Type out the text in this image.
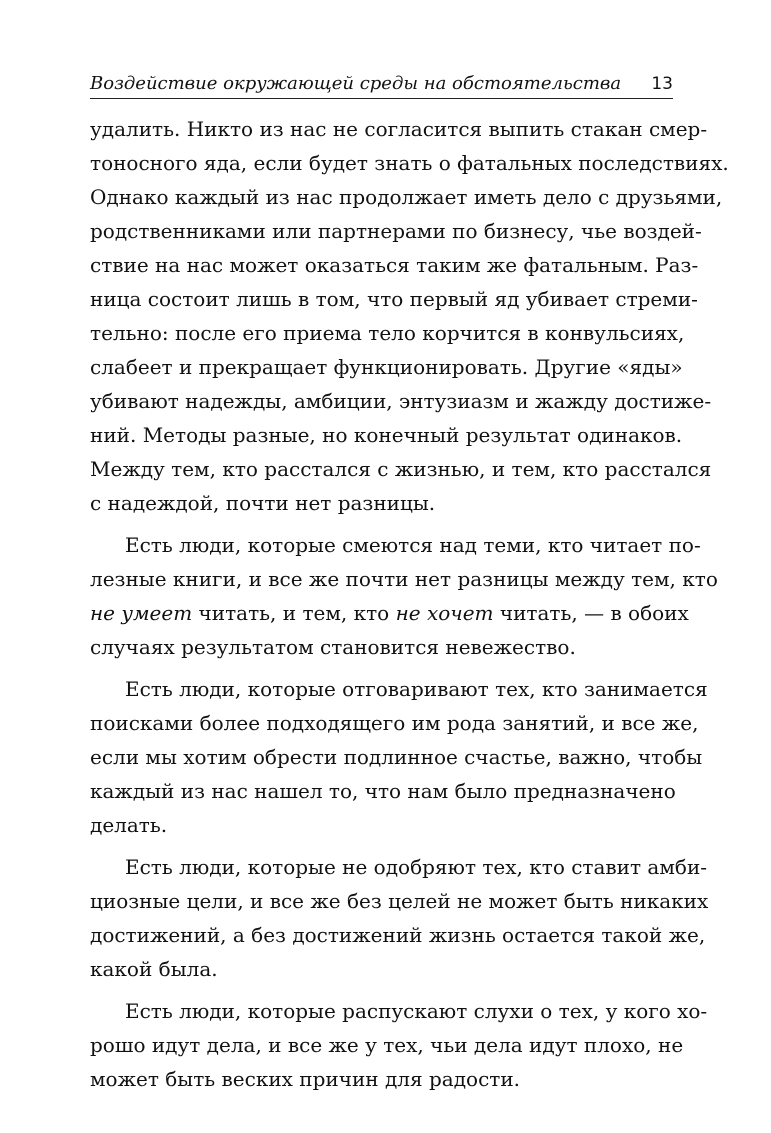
Воздействие окружающей среды на обстоятельства 13

удалить. Никто из нас не согласится выпить стакан смер-

тоносного яда, если будет знать о фатальных последствиях.

Однако каждый из нас продолжает иметь дело с друзьями,

родственниками или партнерами по бизнесу, чье воздей-

ствие на нас может оказаться таким же фатальным. Раз-

ница состоит лишь в том, что первый яд убивает стреми-

тельно: после его приема тело корчится в конвульсиях,

слабеет и прекращает функционировать. Другие «яды»

убивают надежды, амбиции, энтузиазм и жажду достиже-

ний. Методы разные, но конечный результат одинаков.

Между тем, кто расстался с жизнью, и тем, кто расстался

с надеждой, почти нет разницы.

Есть люди, которые смеются над теми, кто читает по-

лезные книги, и все же почти нет разницы между тем, кто

не умеет читать, и тем, кто не хочет читать, — в обоих

случаях результатом становится невежество.

Есть люди, которые отговаривают тех, кто занимается

поисками более подходящего им рода занятий, и все же,

если мы хотим обрести подлинное счастье, важно, чтобы

каждый из нас нашел то, что нам было предназначено

делать.

Есть люди, которые не одобряют тех, кто ставит амби-

циозные цели, и все же без целей не может быть никаких

достижений, а без достижений жизнь остается такой же,

какой была.

Есть люди, которые распускают слухи о тех, у кого хо-

рошо идут дела, и все же у тех, чьи дела идут плохо, не

может быть веских причин для радости.
